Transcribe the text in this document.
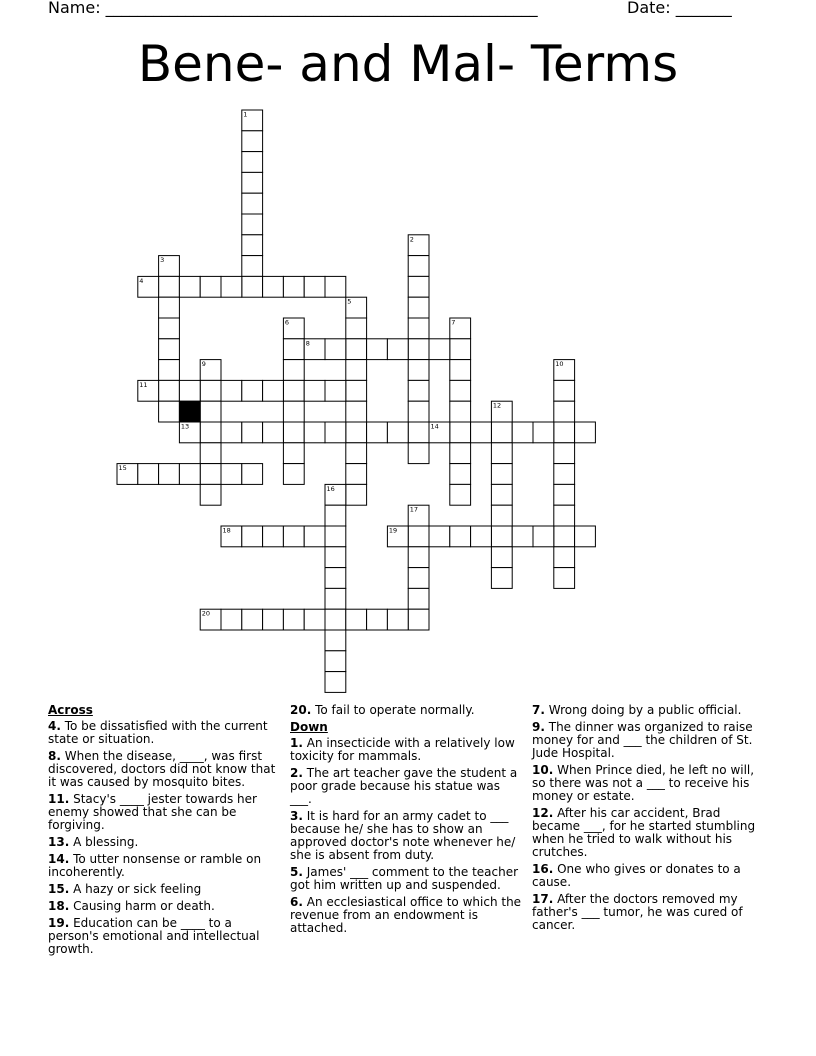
Name: ______________________________________________________	Date: _______
Bene- and Mal- Terms
1
2
3
4
5
6	7
8
9	10
11
12
13	14
15
16
17
18	19
20
Across
4. To be dissatisfied with the current state or situation.
8. When the disease, ____, was first discovered, doctors did not know that it was caused by mosquito bites.
11. Stacy's ____ jester towards her enemy showed that she can be forgiving.
13. A blessing.
14. To utter nonsense or ramble on incoherently.
15. A hazy or sick feeling
18. Causing harm or death.
19. Education can be ____ to a person's emotional and intellectual growth.
20. To fail to operate normally.
Down
1. An insecticide with a relatively low toxicity for mammals.
2. The art teacher gave the student a poor grade because his statue was ___.
3. It is hard for an army cadet to ___ because he/ she has to show an approved doctor's note whenever he/ she is absent from duty.
5. James' ___ comment to the teacher got him written up and suspended.
6. An ecclesiastical office to which the revenue from an endowment is attached.
7. Wrong doing by a public official.
9. The dinner was organized to raise money for and ___ the children of St. Jude Hospital.
10. When Prince died, he left no will, so there was not a ___ to receive his money or estate.
12. After his car accident, Brad became ___, for he started stumbling when he tried to walk without his crutches.
16. One who gives or donates to a cause.
17. After the doctors removed my father's ___ tumor, he was cured of cancer.
